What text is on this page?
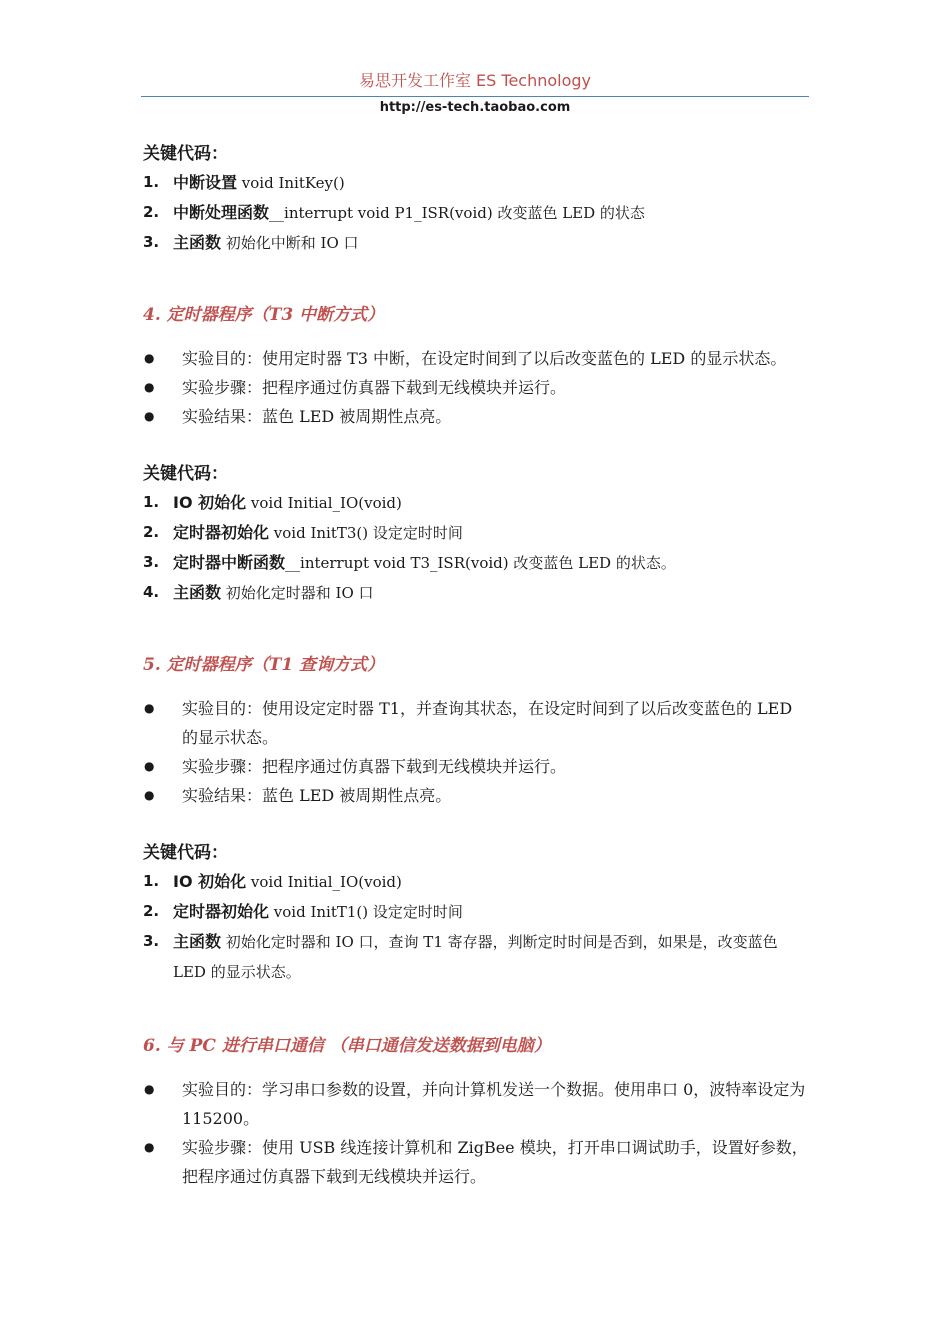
易思开发工作室 ES Technology
http://es-tech.taobao.com
关键代码：
1. 中断设置 void InitKey()
2. 中断处理函数__interrupt void P1_ISR(void) 改变蓝色 LED 的状态
3. 主函数 初始化中断和 IO 口
4. 定时器程序（T3 中断方式）
● 实验目的：使用定时器 T3 中断，在设定时间到了以后改变蓝色的 LED 的显示状态。
● 实验步骤：把程序通过仿真器下载到无线模块并运行。
● 实验结果：蓝色 LED 被周期性点亮。
关键代码：
1. IO 初始化 void Initial_IO(void)
2. 定时器初始化 void InitT3() 设定定时时间
3. 定时器中断函数__interrupt void T3_ISR(void) 改变蓝色 LED 的状态。
4. 主函数 初始化定时器和 IO 口
5. 定时器程序（T1 查询方式）
● 实验目的：使用设定定时器 T1，并查询其状态，在设定时间到了以后改变蓝色的 LED 的显示状态。
● 实验步骤：把程序通过仿真器下载到无线模块并运行。
● 实验结果：蓝色 LED 被周期性点亮。
关键代码：
1. IO 初始化 void Initial_IO(void)
2. 定时器初始化 void InitT1() 设定定时时间
3. 主函数 初始化定时器和 IO 口，查询 T1 寄存器，判断定时时间是否到，如果是，改变蓝色 LED 的显示状态。
6. 与 PC 进行串口通信 （串口通信发送数据到电脑）
● 实验目的：学习串口参数的设置，并向计算机发送一个数据。使用串口 0，波特率设定为 115200。
● 实验步骤：使用 USB 线连接计算机和 ZigBee 模块，打开串口调试助手，设置好参数，把程序通过仿真器下载到无线模块并运行。
